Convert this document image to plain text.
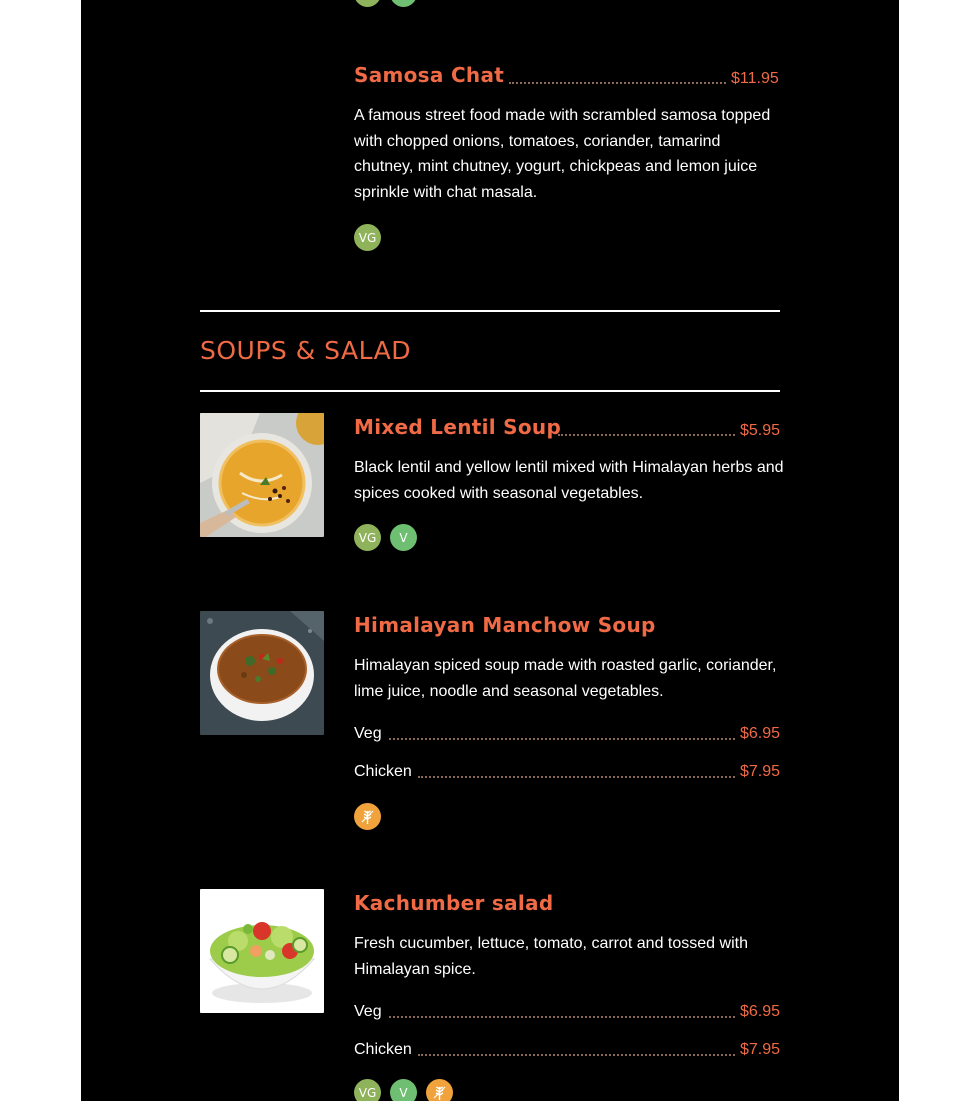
Samosa Chat	$11.95
A famous street food made with scrambled samosa topped with chopped onions, tomatoes, coriander, tamarind chutney, mint chutney, yogurt, chickpeas and lemon juice sprinkle with chat masala.
VG
SOUPS & SALAD
Mixed Lentil Soup	$5.95
Black lentil and yellow lentil mixed with Himalayan herbs and spices cooked with seasonal vegetables.
VG	V
Himalayan Manchow Soup
Himalayan spiced soup made with roasted garlic, coriander, lime juice, noodle and seasonal vegetables.
Veg	$6.95
Chicken	$7.95
Kachumber salad
Fresh cucumber, lettuce, tomato, carrot and tossed with Himalayan spice.
Veg	$6.95
Chicken	$7.95
VG	V
